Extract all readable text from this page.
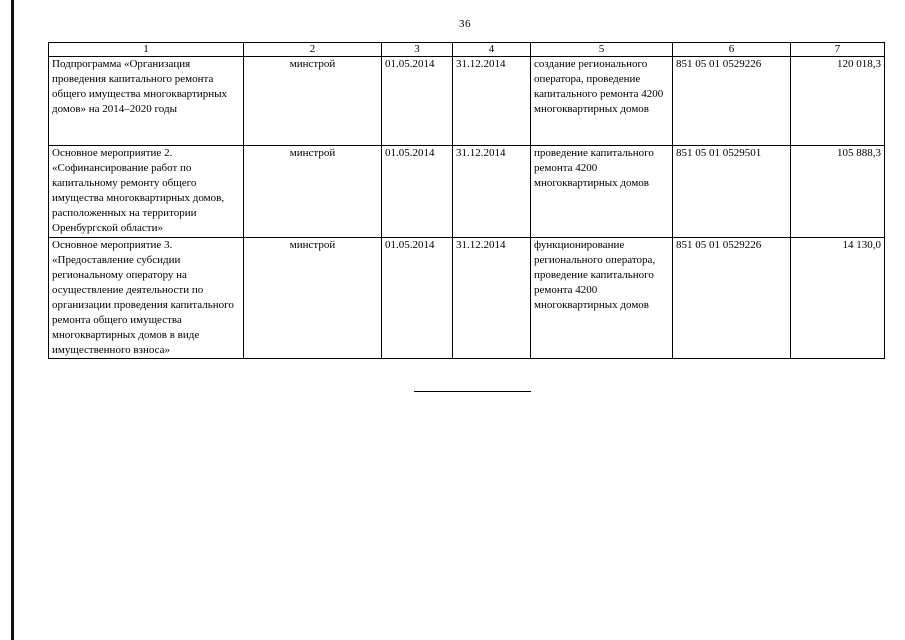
36
1	2	3	4	5	6	7
Подпрограмма «Организация проведения капитального ремонта общего имущества многоквартирных домов» на 2014–2020 годы	минстрой	01.05.2014	31.12.2014	создание регионального оператора, проведение капитального ремонта 4200 многоквартирных домов	851 05 01 0529226	120 018,3
Основное мероприятие 2. «Софинансирование работ по капитальному ремонту общего имущества многоквартирных домов, расположенных на территории Оренбургской области»	минстрой	01.05.2014	31.12.2014	проведение капитального ремонта 4200 многоквартирных домов	851 05 01 0529501	105 888,3
Основное мероприятие 3. «Предоставление субсидии региональному оператору на осуществление деятельности по организации проведения капитального ремонта общего имущества многоквартирных домов в виде имущественного взноса»	минстрой	01.05.2014	31.12.2014	функционирование регионального оператора, проведение капитального ремонта 4200 многоквартирных домов	851 05 01 0529226	14 130,0
